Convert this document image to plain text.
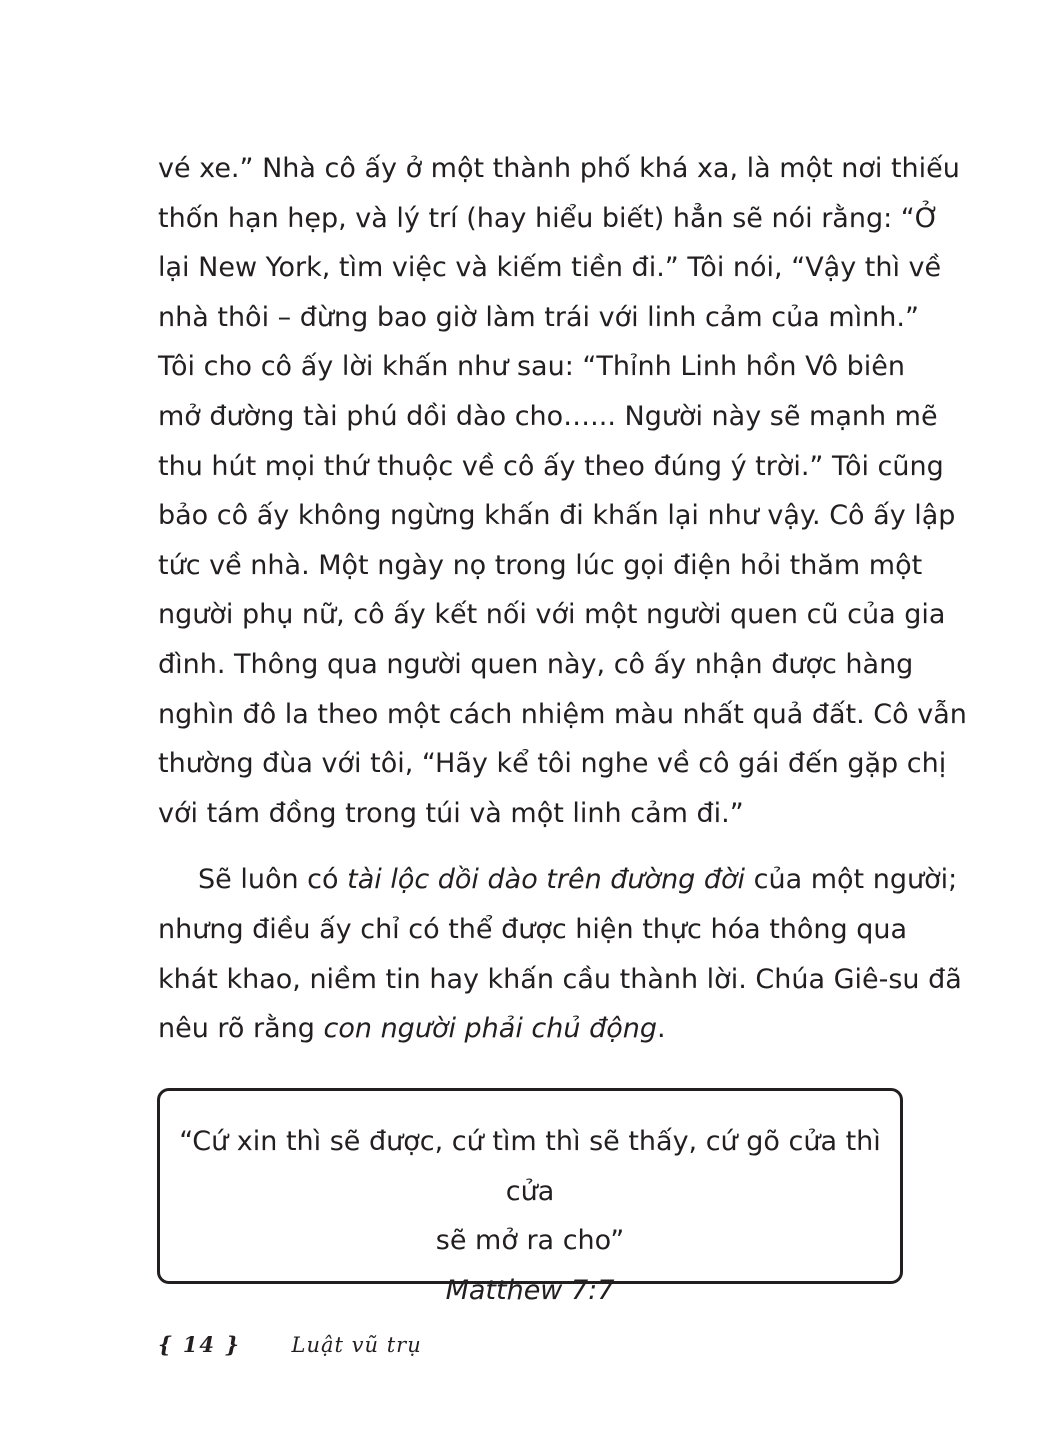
vé xe.” Nhà cô ấy ở một thành phố khá xa, là một nơi thiếu
thốn hạn hẹp, và lý trí (hay hiểu biết) hẳn sẽ nói rằng: “Ở
lại New York, tìm việc và kiếm tiền đi.” Tôi nói, “Vậy thì về
nhà thôi – đừng bao giờ làm trái với linh cảm của mình.”
Tôi cho cô ấy lời khấn như sau: “Thỉnh Linh hồn Vô biên
mở đường tài phú dồi dào cho…... Người này sẽ mạnh mẽ
thu hút mọi thứ thuộc về cô ấy theo đúng ý trời.” Tôi cũng
bảo cô ấy không ngừng khấn đi khấn lại như vậy. Cô ấy lập
tức về nhà. Một ngày nọ trong lúc gọi điện hỏi thăm một
người phụ nữ, cô ấy kết nối với một người quen cũ của gia
đình. Thông qua người quen này, cô ấy nhận được hàng
nghìn đô la theo một cách nhiệm màu nhất quả đất. Cô vẫn
thường đùa với tôi, “Hãy kể tôi nghe về cô gái đến gặp chị
với tám đồng trong túi và một linh cảm đi.”
Sẽ luôn có tài lộc dồi dào trên đường đời của một người;
nhưng điều ấy chỉ có thể được hiện thực hóa thông qua
khát khao, niềm tin hay khấn cầu thành lời. Chúa Giê-su đã
nêu rõ rằng con người phải chủ động.
“Cứ xin thì sẽ được, cứ tìm thì sẽ thấy, cứ gõ cửa thì cửa
sẽ mở ra cho”
Matthew 7:7
{ 14 } Luật vũ trụ
